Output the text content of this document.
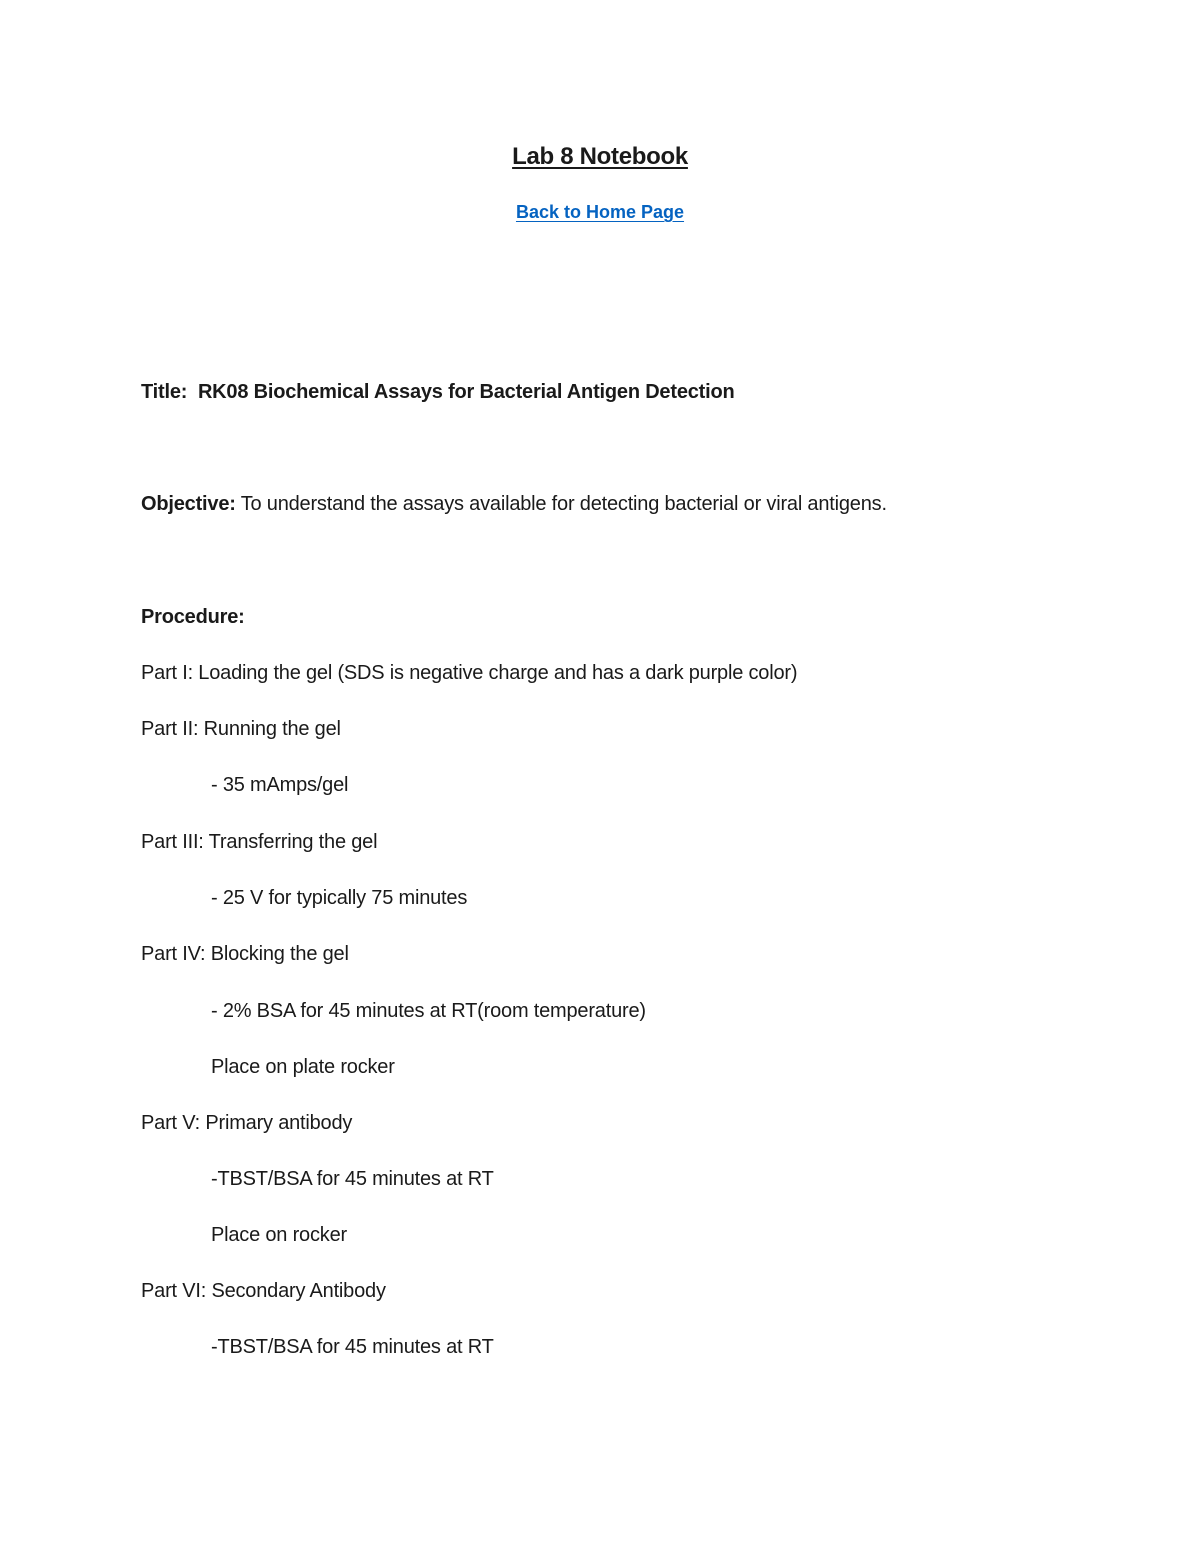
Lab 8 Notebook
Back to Home Page
Title: RK08 Biochemical Assays for Bacterial Antigen Detection
Objective: To understand the assays available for detecting bacterial or viral antigens.
Procedure:
Part I: Loading the gel (SDS is negative charge and has a dark purple color)
Part II: Running the gel
- 35 mAmps/gel
Part III: Transferring the gel
- 25 V for typically 75 minutes
Part IV: Blocking the gel
- 2% BSA for 45 minutes at RT(room temperature)
Place on plate rocker
Part V: Primary antibody
-TBST/BSA for 45 minutes at RT
Place on rocker
Part VI: Secondary Antibody
-TBST/BSA for 45 minutes at RT
